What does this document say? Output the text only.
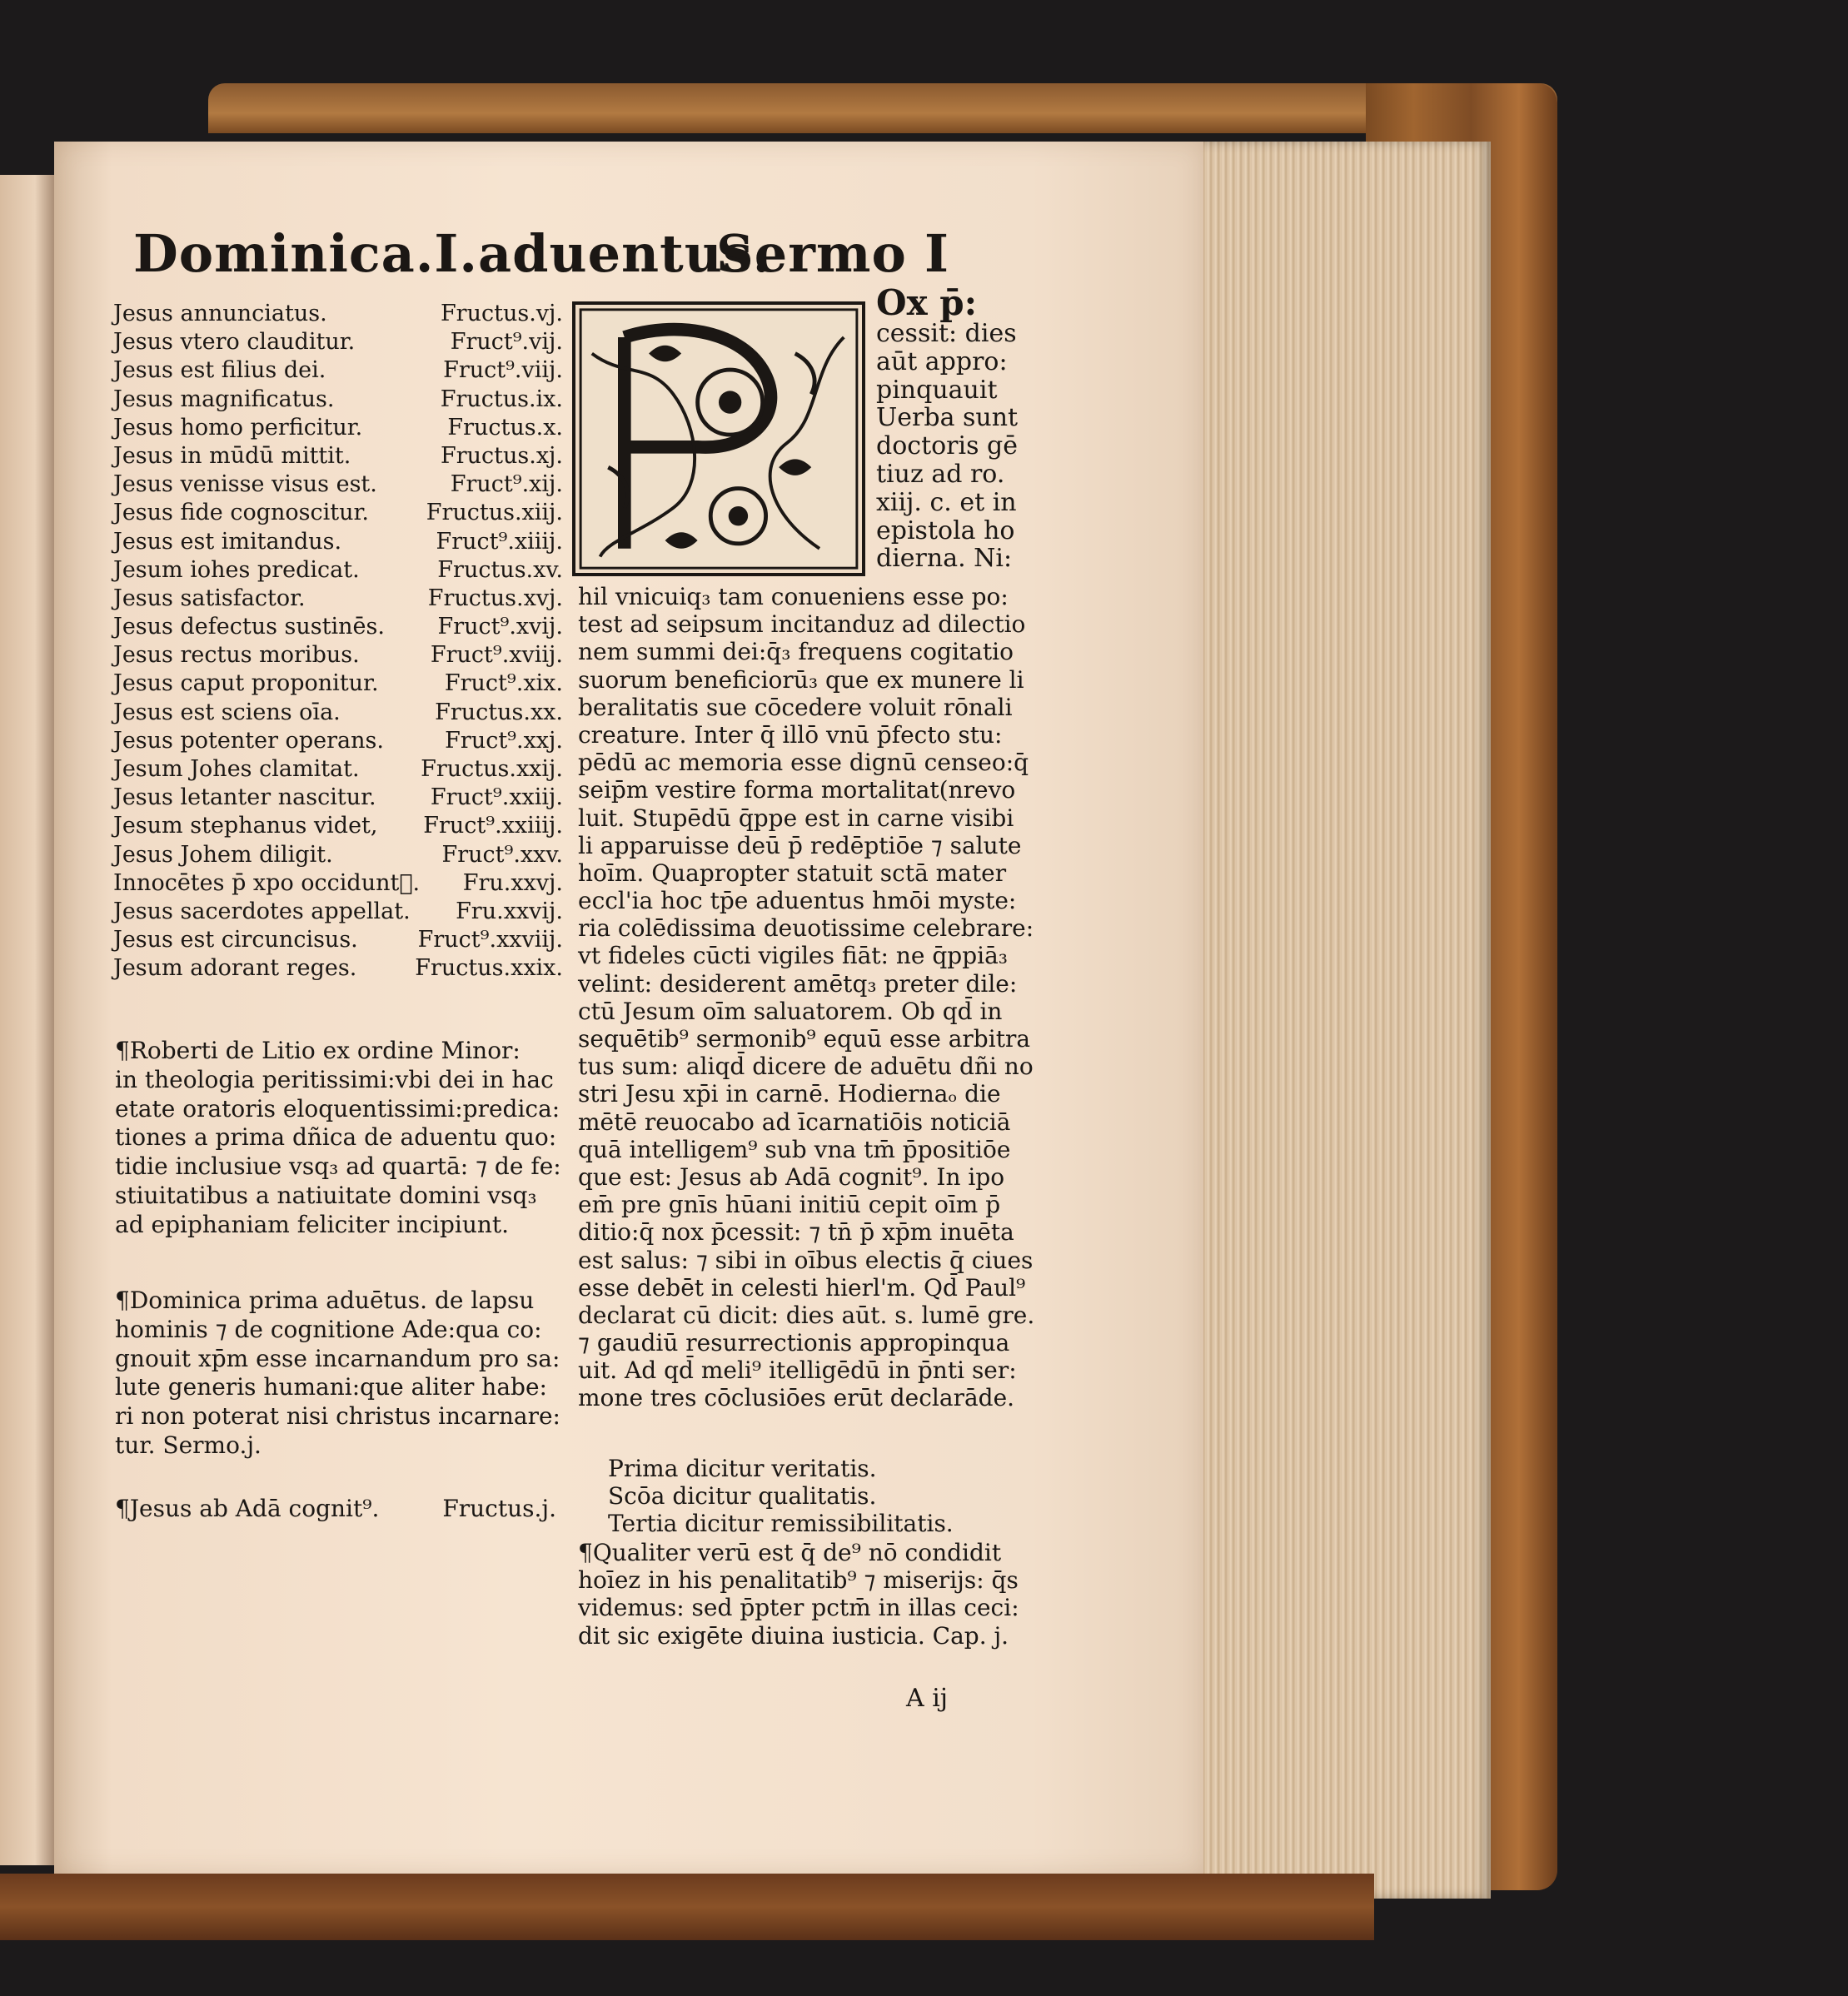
Dominica.I.aduentus.
Sermo I
Jesus annunciatus.	Fructus.vj.
Jesus vtero clauditur.	Fruct⁹.vij.
Jesus est filius dei.	Fruct⁹.viij.
Jesus magnificatus.	Fructus.ix.
Jesus homo perficitur.	Fructus.x.
Jesus in mūdū mittit.	Fructus.xj.
Jesus venisse visus est.	Fruct⁹.xij.
Jesus fide cognoscitur.	Fructus.xiij.
Jesus est imitandus.	Fruct⁹.xiiij.
Jesum iohes predicat.	Fructus.xv.
Jesus satisfactor.	Fructus.xvj.
Jesus defectus sustinēs. Fruct⁹.xvij.
Jesus rectus moribus.	Fruct⁹.xviij.
Jesus caput proponitur.	Fruct⁹.xix.
Jesus est sciens oīa.	Fructus.xx.
Jesus potenter operans.	Fruct⁹.xxj.
Jesum Johes clamitat.	Fructus.xxij.
Jesus letanter nascitur. Fruct⁹.xxiij.
Jesum stephanus videt, Fruct⁹.xxiiij.
Jesus Johem diligit.	Fruct⁹.xxv.
Innocētes p̄ xpo occiduntᷓ. Fru.xxvj.
Jesus sacerdotes appellat. Fru.xxvij.
Jesus est circuncisus.	Fruct⁹.xxviij.
Jesum adorant reges.	Fructus.xxix.
¶Roberti de Litio ex ordine Minor:
in theologia peritissimi:vbi dei in hac
etate oratoris eloquentissimi:predica:
tiones a prima dñica de aduentu quo:
tidie inclusiue vsq₃ ad quartā: ⁊ de fe:
stiuitatibus a natiuitate domini vsq₃
ad epiphaniam feliciter incipiunt.
¶Dominica prima aduētus. de lapsu
hominis ⁊ de cognitione Ade:qua co:
gnouit xp̄m esse incarnandum pro sa:
lute generis humani:que aliter habe:
ri non poterat nisi christus incarnare:
tur. Sermo.j.
¶Jesus ab Adā cognit⁹.	Fructus.j.
Ox p̄:
cessit: dies
aūt appro:
pinquauit
Uerba sunt
doctoris gē
tiuz ad ro.
xiij. c. et in
epistola ho
dierna. Ni:
hil vnicuiq₃ tam conueniens esse po:
test ad seipsum incitanduz ad dilectio
nem summi dei:q̄₃ frequens cogitatio
suorum beneficiorū₃ que ex munere li
beralitatis sue cōcedere voluit rōnali
creature. Inter q̄ illō vnū p̄fecto stu:
pēdū ac memoria esse dignū censeo:q̄
seip̄m vestire forma mortalitat(nrevo
luit. Stupēdū q̄ppe est in carne visibi
li apparuisse deū p̄ redēptiōe ⁊ salute
hoīm. Quapropter statuit sctā mater
eccl'ia hoc tp̄e aduentus hmōi myste:
ria colēdissima deuotissime celebrare:
vt fideles cūcti vigiles fiāt: ne q̄ppiā₃
velint: desiderent amētq₃ preter dile:
ctū Jesum oīm saluatorem. Ob qd̄ in
sequētib⁹ sermonib⁹ equū esse arbitra
tus sum: aliqd̄ dicere de aduētu dñi no
stri Jesu xp̄i in carnē. Hodiernaₒ die
mētē reuocabo ad īcarnatiōis noticiā
quā intelligem⁹ sub vna tm̄ p̄positiōe
que est: Jesus ab Adā cognit⁹. In ipo
em̄ pre gnīs hūani initiū cepit oīm p̄
ditio:q̄ nox p̄cessit: ⁊ tn̄ p̄ xp̄m inuēta
est salus: ⁊ sibi in oībus electis q̄ ciues
esse debēt in celesti hierl'm. Qd̄ Paul⁹
declarat cū dicit: dies aūt. s. lumē gre.
⁊ gaudiū resurrectionis appropinqua
uit. Ad qd̄ meli⁹ itelligēdū in p̄nti ser:
mone tres cōclusiōes erūt declarāde.
Prima dicitur veritatis.
Scōa dicitur qualitatis.
Tertia dicitur remissibilitatis.
¶Qualiter verū est q̄ de⁹ nō condidit
hoīez in his penalitatib⁹ ⁊ miserijs: q̄s
videmus: sed p̄pter pctm̄ in illas ceci:
dit sic exigēte diuina iusticia. Cap. j.
A ij
